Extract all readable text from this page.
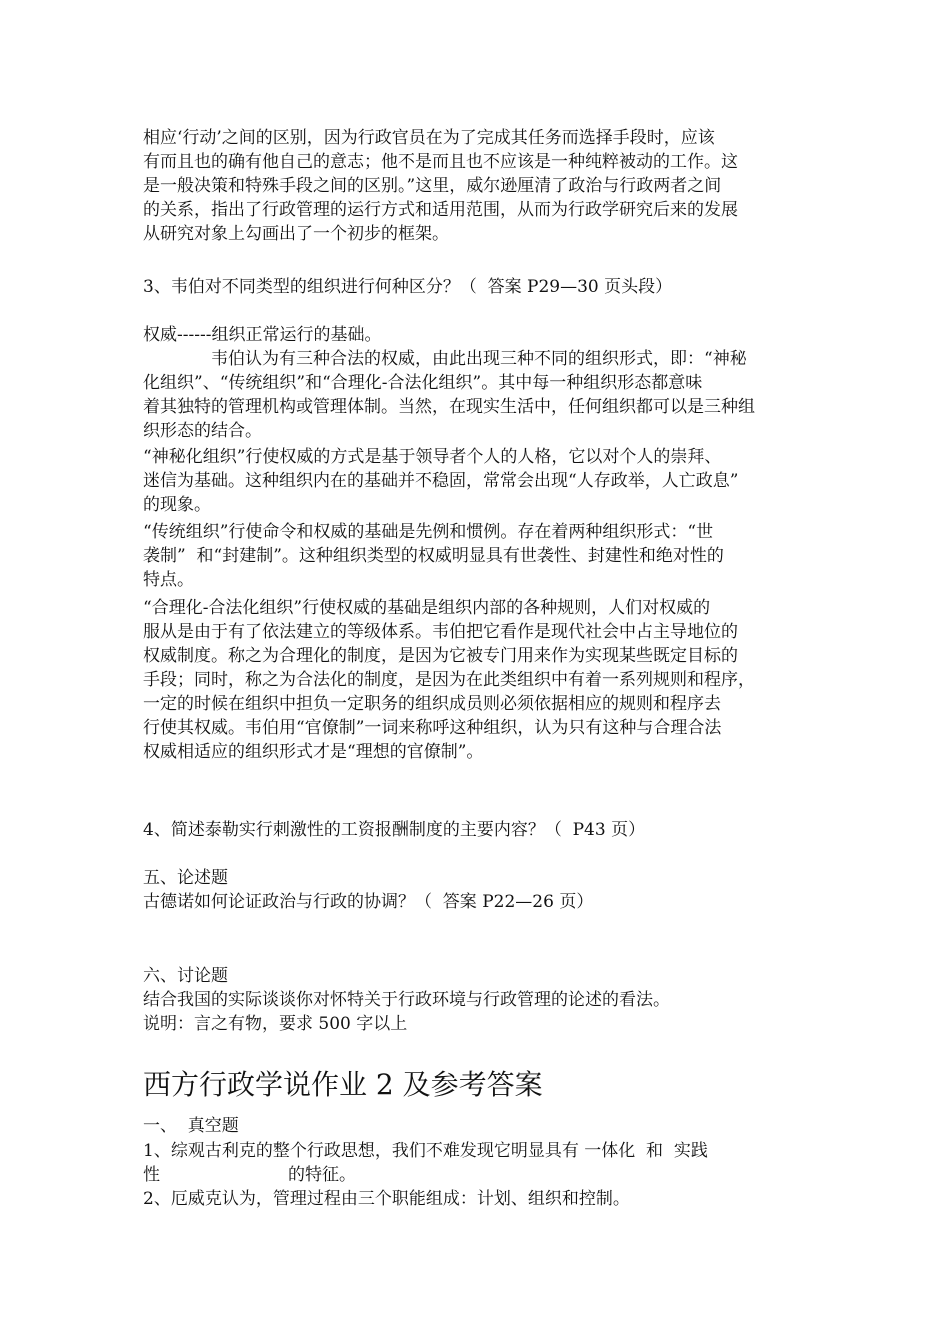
相应‘行动’之间的区别，因为行政官员在为了完成其任务而选择手段时，应该
有而且也的确有他自己的意志；他不是而且也不应该是一种纯粹被动的工作。这
是一般决策和特殊手段之间的区别。”这里，威尔逊厘清了政治与行政两者之间
的关系，指出了行政管理的运行方式和适用范围，从而为行政学研究后来的发展
从研究对象上勾画出了一个初步的框架。
3、韦伯对不同类型的组织进行何种区分？（  答案 P29—30 页头段）
权威------组织正常运行的基础。
韦伯认为有三种合法的权威，由此出现三种不同的组织形式，即：“神秘
化组织”、“传统组织”和“合理化-合法化组织”。其中每一种组织形态都意味
着其独特的管理机构或管理体制。当然，在现实生活中，任何组织都可以是三种组
织形态的结合。
“神秘化组织”行使权威的方式是基于领导者个人的人格，它以对个人的崇拜、
迷信为基础。这种组织内在的基础并不稳固，常常会出现“人存政举，人亡政息”
的现象。
“传统组织”行使命令和权威的基础是先例和惯例。存在着两种组织形式：“世
袭制”  和“封建制”。这种组织类型的权威明显具有世袭性、封建性和绝对性的
特点。
“合理化-合法化组织”行使权威的基础是组织内部的各种规则，人们对权威的
服从是由于有了依法建立的等级体系。韦伯把它看作是现代社会中占主导地位的
权威制度。称之为合理化的制度，是因为它被专门用来作为实现某些既定目标的
手段；同时，称之为合法化的制度，是因为在此类组织中有着一系列规则和程序，
一定的时候在组织中担负一定职务的组织成员则必须依据相应的规则和程序去
行使其权威。韦伯用“官僚制”一词来称呼这种组织，认为只有这种与合理合法
权威相适应的组织形式才是“理想的官僚制”。
4、简述泰勒实行刺激性的工资报酬制度的主要内容？（  P43 页）
五、论述题
古德诺如何论证政治与行政的协调？（  答案 P22—26 页）
六、讨论题
结合我国的实际谈谈你对怀特关于行政环境与行政管理的论述的看法。
说明：言之有物，要求 500 字以上
西方行政学说作业 2 及参考答案
一、  真空题
1、综观古利克的整个行政思想，我们不难发现它明显具有 一体化  和  实践
性	的特征。
2、厄威克认为，管理过程由三个职能组成：计划、组织和控制。
